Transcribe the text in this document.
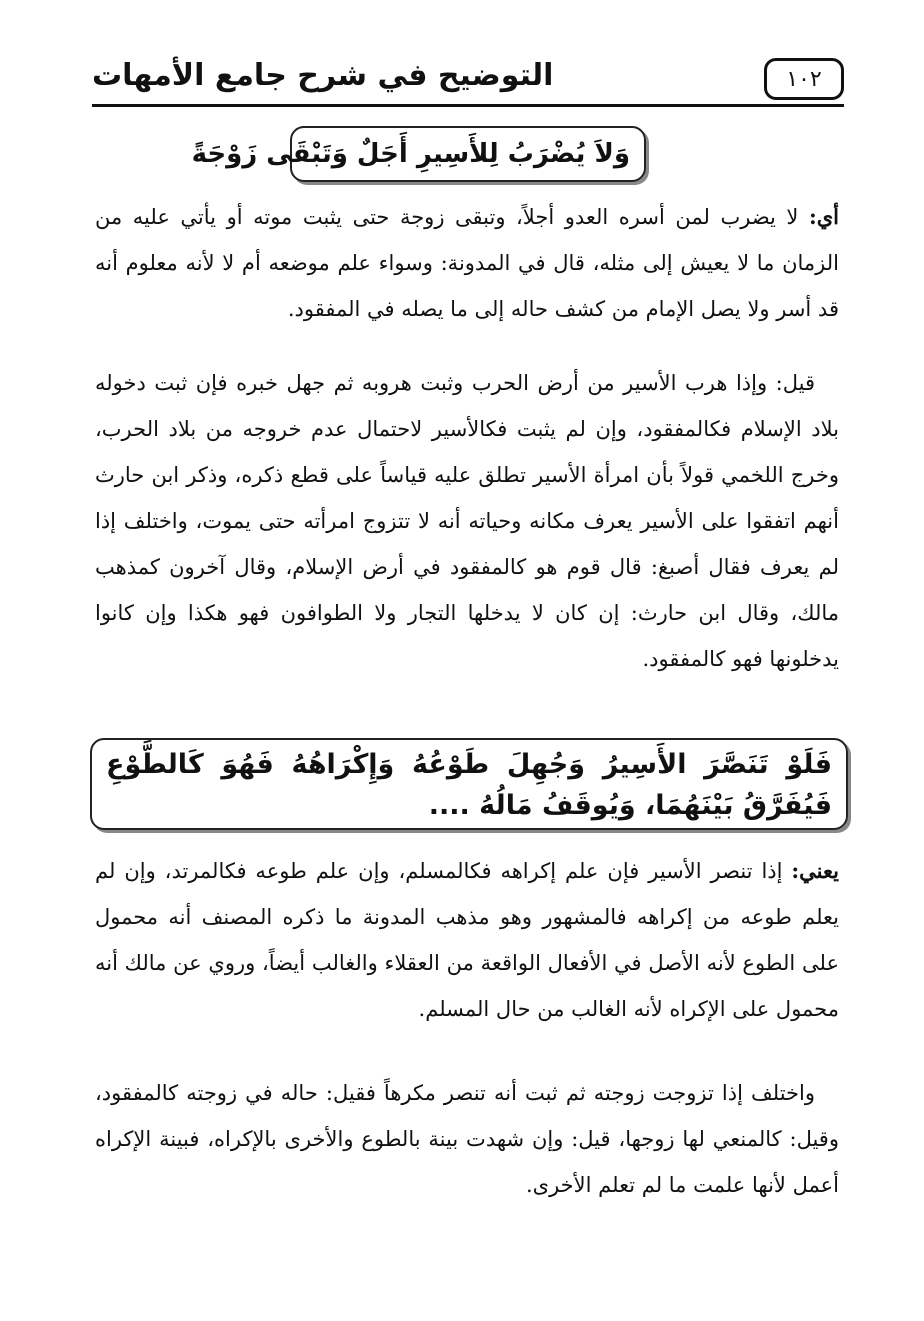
١٠٢
التوضيح في شرح جامع الأمهات
وَلاَ يُضْرَبُ لِلأَسِيرِ أَجَلٌ وَتَبْقَى زَوْجَةً

أي: لا يضرب لمن أسره العدو أجلاً، وتبقى زوجة حتى يثبت موته أو يأتي عليه من الزمان ما لا يعيش إلى مثله، قال في المدونة: وسواء علم موضعه أم لا لأنه معلوم أنه قد أسر ولا يصل الإمام من كشف حاله إلى ما يصله في المفقود.

قيل: وإذا هرب الأسير من أرض الحرب وثبت هروبه ثم جهل خبره فإن ثبت دخوله بلاد الإسلام فكالمفقود، وإن لم يثبت فكالأسير لاحتمال عدم خروجه من بلاد الحرب، وخرج اللخمي قولاً بأن امرأة الأسير تطلق عليه قياساً على قطع ذكره، وذكر ابن حارث أنهم اتفقوا على الأسير يعرف مكانه وحياته أنه لا تتزوج امرأته حتى يموت، واختلف إذا لم يعرف فقال أصبغ: قال قوم هو كالمفقود في أرض الإسلام، وقال آخرون كمذهب مالك، وقال ابن حارث: إن كان لا يدخلها التجار ولا الطوافون فهو هكذا وإن كانوا يدخلونها فهو كالمفقود.

فَلَوْ تَنَصَّرَ الأَسِيرُ وَجُهِلَ طَوْعُهُ وَإِكْرَاهُهُ فَهُوَ كَالطَّوْعِ فَيُفَرَّقُ بَيْنَهُمَا، وَيُوقَفُ مَالُهُ ....

يعني: إذا تنصر الأسير فإن علم إكراهه فكالمسلم، وإن علم طوعه فكالمرتد، وإن لم يعلم طوعه من إكراهه فالمشهور وهو مذهب المدونة ما ذكره المصنف أنه محمول على الطوع لأنه الأصل في الأفعال الواقعة من العقلاء والغالب أيضاً، وروي عن مالك أنه محمول على الإكراه لأنه الغالب من حال المسلم.

واختلف إذا تزوجت زوجته ثم ثبت أنه تنصر مكرهاً فقيل: حاله في زوجته كالمفقود، وقيل: كالمنعي لها زوجها، قيل: وإن شهدت بينة بالطوع والأخرى بالإكراه، فبينة الإكراه أعمل لأنها علمت ما لم تعلم الأخرى.
